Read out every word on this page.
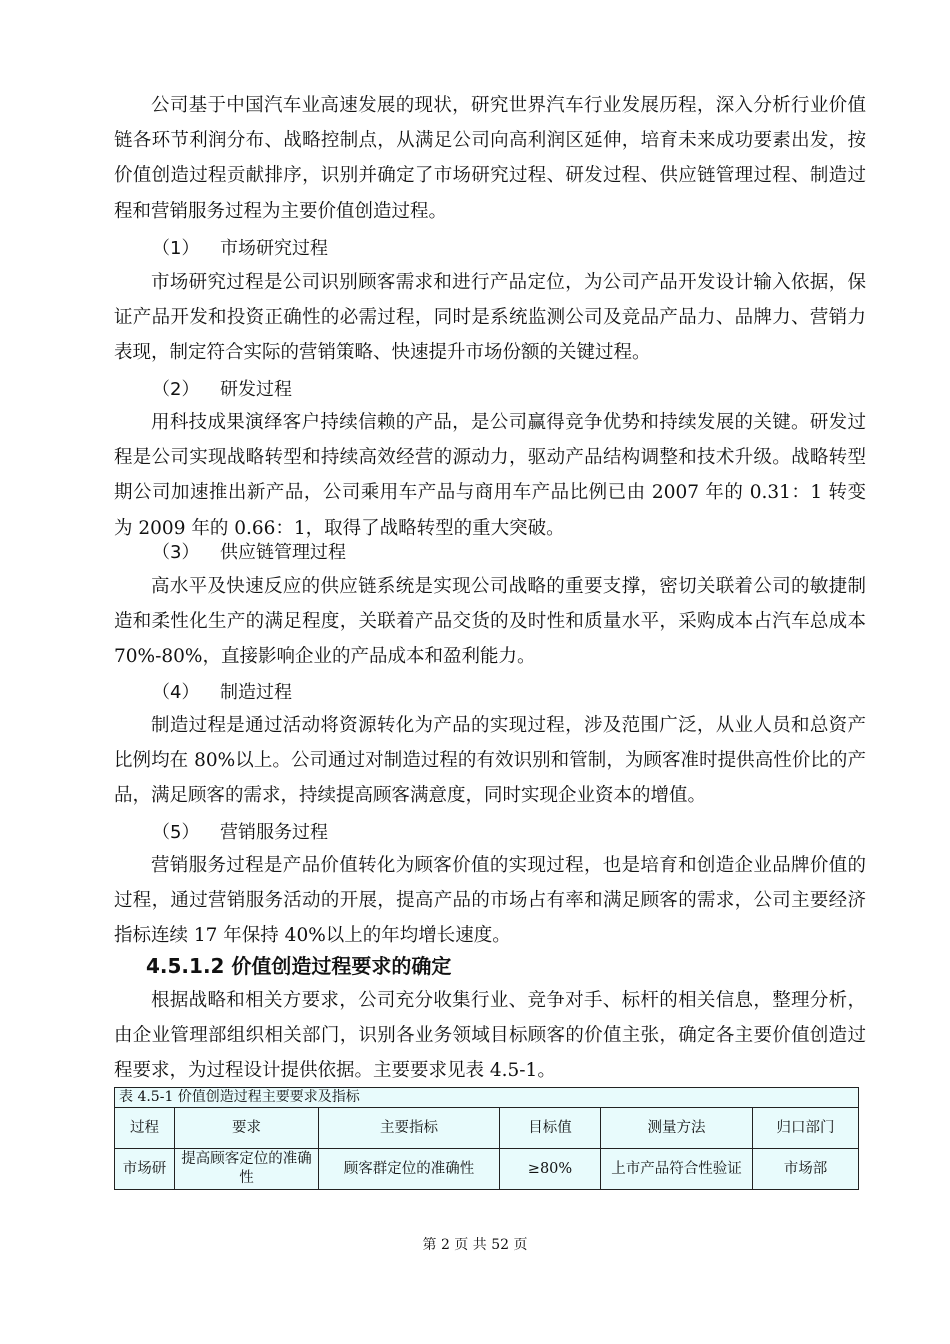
公司基于中国汽车业高速发展的现状，研究世界汽车行业发展历程，深入分析行业价值链各环节利润分布、战略控制点，从满足公司向高利润区延伸，培育未来成功要素出发，按价值创造过程贡献排序，识别并确定了市场研究过程、研发过程、供应链管理过程、制造过程和营销服务过程为主要价值创造过程。

（1） 市场研究过程

市场研究过程是公司识别顾客需求和进行产品定位，为公司产品开发设计输入依据，保证产品开发和投资正确性的必需过程，同时是系统监测公司及竞品产品力、品牌力、营销力表现，制定符合实际的营销策略、快速提升市场份额的关键过程。

（2） 研发过程

用科技成果演绎客户持续信赖的产品，是公司赢得竞争优势和持续发展的关键。研发过程是公司实现战略转型和持续高效经营的源动力，驱动产品结构调整和技术升级。战略转型期公司加速推出新产品，公司乘用车产品与商用车产品比例已由 2007 年的 0.31：1 转变为 2009 年的 0.66：1，取得了战略转型的重大突破。

（3） 供应链管理过程

高水平及快速反应的供应链系统是实现公司战略的重要支撑，密切关联着公司的敏捷制造和柔性化生产的满足程度，关联着产品交货的及时性和质量水平，采购成本占汽车总成本 70%-80%，直接影响企业的产品成本和盈利能力。

（4） 制造过程

制造过程是通过活动将资源转化为产品的实现过程，涉及范围广泛，从业人员和总资产比例均在 80%以上。公司通过对制造过程的有效识别和管制，为顾客准时提供高性价比的产品，满足顾客的需求，持续提高顾客满意度，同时实现企业资本的增值。

（5） 营销服务过程

营销服务过程是产品价值转化为顾客价值的实现过程，也是培育和创造企业品牌价值的过程，通过营销服务活动的开展，提高产品的市场占有率和满足顾客的需求，公司主要经济指标连续 17 年保持 40%以上的年均增长速度。

4.5.1.2 价值创造过程要求的确定

根据战略和相关方要求，公司充分收集行业、竞争对手、标杆的相关信息，整理分析，由企业管理部组织相关部门，识别各业务领域目标顾客的价值主张，确定各主要价值创造过程要求，为过程设计提供依据。主要要求见表 4.5-1。

表 4.5-1 价值创造过程主要要求及指标					
过程	要求	主要指标	目标值	测量方法	归口部门
市场研	提高顾客定位的准确性	顾客群定位的准确性	≥80%	上市产品符合性验证	市场部
第 2 页 共 52 页
